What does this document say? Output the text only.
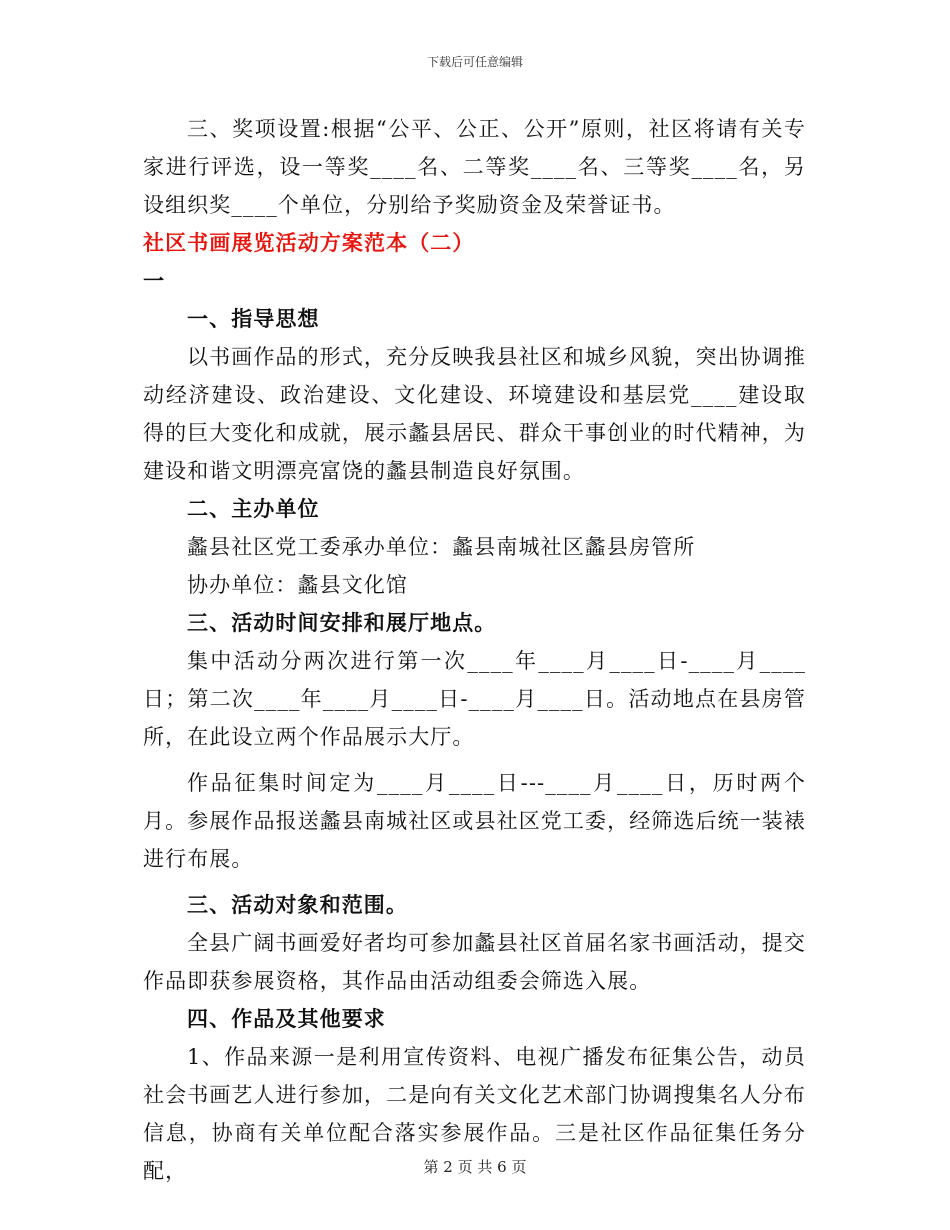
下载后可任意编辑

三、奖项设置:根据“公平、公正、公开”原则，社区将请有关专家进行评选，设一等奖____名、二等奖____名、三等奖____名，另设组织奖____个单位，分别给予奖励资金及荣誉证书。

社区书画展览活动方案范本（二）

一

一、指导思想

以书画作品的形式，充分反映我县社区和城乡风貌，突出协调推动经济建设、政治建设、文化建设、环境建设和基层党____建设取得的巨大变化和成就，展示蠡县居民、群众干事创业的时代精神，为建设和谐文明漂亮富饶的蠡县制造良好氛围。

二、主办单位

蠡县社区党工委承办单位：蠡县南城社区蠡县房管所

协办单位：蠡县文化馆

三、活动时间安排和展厅地点。

集中活动分两次进行第一次____年____月____日-____月____日；第二次____年____月____日-____月____日。活动地点在县房管所，在此设立两个作品展示大厅。

作品征集时间定为____月____日---____月____日，历时两个月。参展作品报送蠡县南城社区或县社区党工委，经筛选后统一装裱进行布展。

三、活动对象和范围。

全县广阔书画爱好者均可参加蠡县社区首届名家书画活动，提交作品即获参展资格，其作品由活动组委会筛选入展。

四、作品及其他要求

1、作品来源一是利用宣传资料、电视广播发布征集公告，动员社会书画艺人进行参加，二是向有关文化艺术部门协调搜集名人分布信息，协商有关单位配合落实参展作品。三是社区作品征集任务分配，	第 2 页 共 6 页
